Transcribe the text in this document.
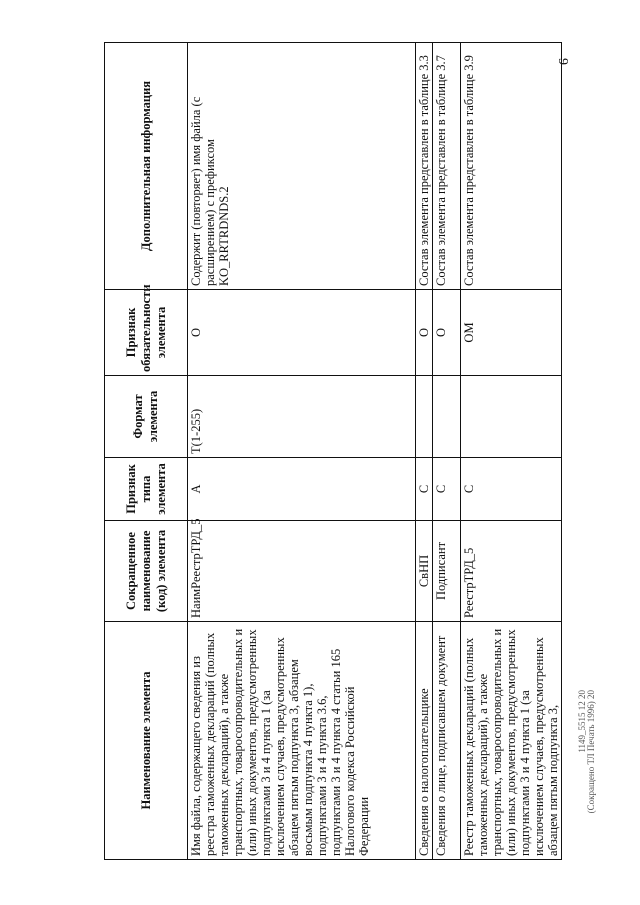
9
1149_5515 12 20 (Сокращено ТЛ Печать 1996) 20
Наименование элемента	Сокращенное наименование (код) элемента	Признак типа элемента	Формат элемента	Признак обязательности элемента	Дополнительная информация
Имя файла, содержащего сведения из реестра таможенных деклараций (полных таможенных деклараций), а также транспортных, товаросопроводительных и (или) иных документов, предусмотренных подпунктами 3 и 4 пункта 1 (за исключением случаев, предусмотренных абзацем пятым подпункта 3, абзацем восьмым подпункта 4 пункта 1), подпунктами 3 и 4 пункта 3.6, подпунктами 3 и 4 пункта 4 статьи 165 Налогового кодекса Российской Федерации	НаимРеестрТРД_5	А	T(1-255)	О	Содержит (повторяет) имя файла (с расширением) с префиксом KO_RRTRDNDS.2
Сведения о налогоплательщике	СвНП	С		О	Состав элемента представлен в таблице 3.3
Сведения о лице, подписавшем документ	Подписант	С		О	Состав элемента представлен в таблице 3.7
Реестр таможенных деклараций (полных таможенных деклараций), а также транспортных, товаросопроводительных и (или) иных документов, предусмотренных подпунктами 3 и 4 пункта 1 (за исключением случаев, предусмотренных абзацем пятым подпункта 3,	РеестрТРД_5	С		ОМ	Состав элемента представлен в таблице 3.9
